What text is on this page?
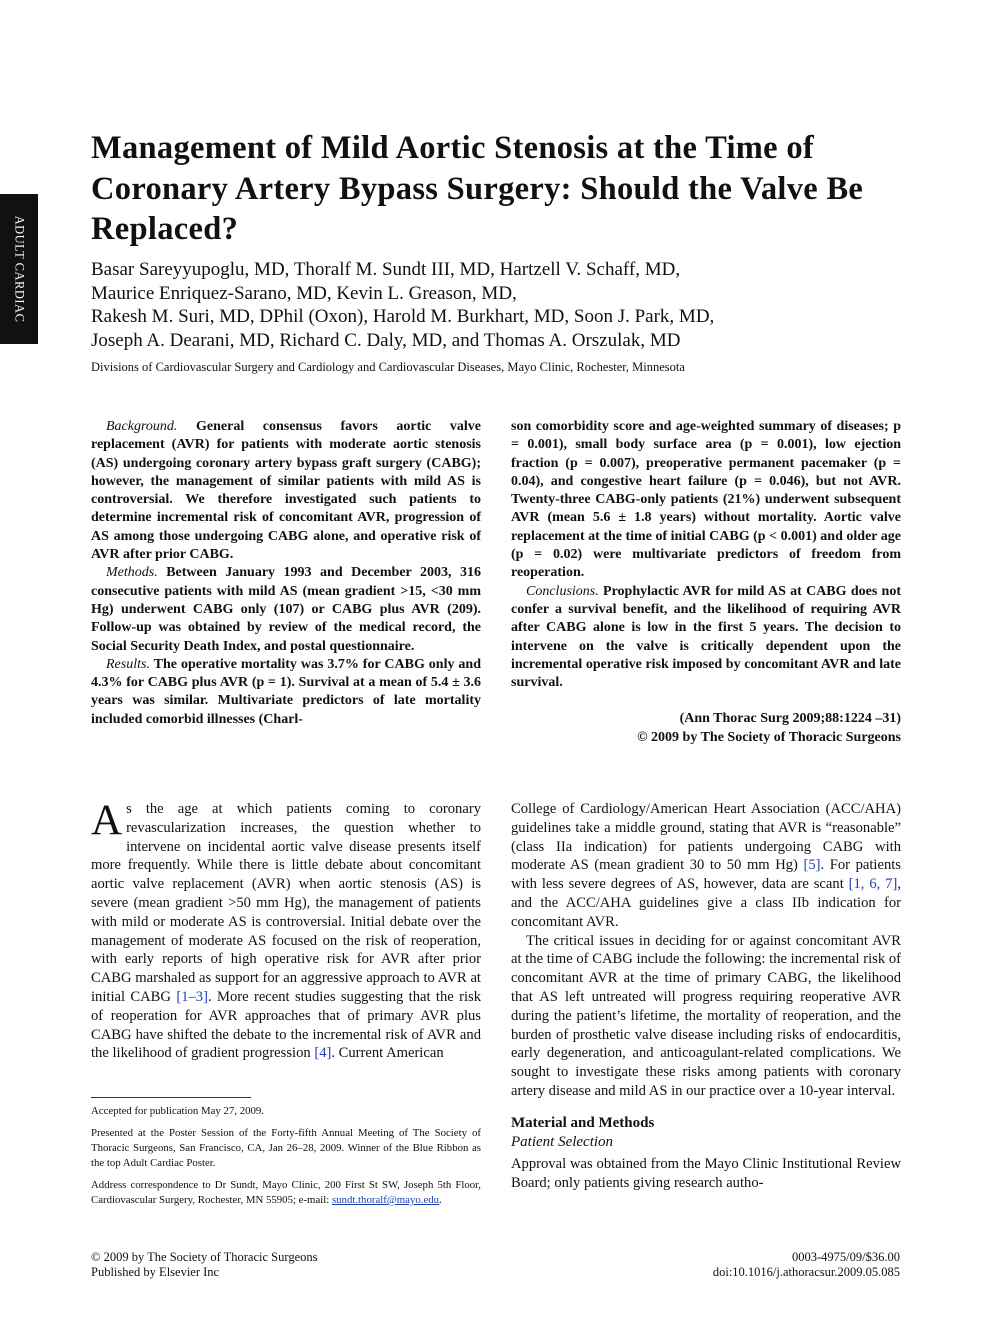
ADULT CARDIAC
Management of Mild Aortic Stenosis at the Time of Coronary Artery Bypass Surgery: Should the Valve Be Replaced?
Basar Sareyyupoglu, MD, Thoralf M. Sundt III, MD, Hartzell V. Schaff, MD,
Maurice Enriquez-Sarano, MD, Kevin L. Greason, MD,
Rakesh M. Suri, MD, DPhil (Oxon), Harold M. Burkhart, MD, Soon J. Park, MD,
Joseph A. Dearani, MD, Richard C. Daly, MD, and Thomas A. Orszulak, MD
Divisions of Cardiovascular Surgery and Cardiology and Cardiovascular Diseases, Mayo Clinic, Rochester, Minnesota

Background. General consensus favors aortic valve replacement (AVR) for patients with moderate aortic stenosis (AS) undergoing coronary artery bypass graft surgery (CABG); however, the management of similar patients with mild AS is controversial. We therefore investigated such patients to determine incremental risk of concomitant AVR, progression of AS among those undergoing CABG alone, and operative risk of AVR after prior CABG.

Methods. Between January 1993 and December 2003, 316 consecutive patients with mild AS (mean gradient >15, <30 mm Hg) underwent CABG only (107) or CABG plus AVR (209). Follow-up was obtained by review of the medical record, the Social Security Death Index, and postal questionnaire.

Results. The operative mortality was 3.7% for CABG only and 4.3% for CABG plus AVR (p = 1). Survival at a mean of 5.4 ± 3.6 years was similar. Multivariate predictors of late mortality included comorbid illnesses (Charl-

son comorbidity score and age-weighted summary of diseases; p = 0.001), small body surface area (p = 0.001), low ejection fraction (p = 0.007), preoperative permanent pacemaker (p = 0.04), and congestive heart failure (p = 0.046), but not AVR. Twenty-three CABG-only patients (21%) underwent subsequent AVR (mean 5.6 ± 1.8 years) without mortality. Aortic valve replacement at the time of initial CABG (p < 0.001) and older age (p = 0.02) were multivariate predictors of freedom from reoperation.

Conclusions. Prophylactic AVR for mild AS at CABG does not confer a survival benefit, and the likelihood of requiring AVR after CABG alone is low in the first 5 years. The decision to intervene on the valve is critically dependent upon the incremental operative risk imposed by concomitant AVR and late survival.

(Ann Thorac Surg 2009;88:1224 –31)
© 2009 by The Society of Thoracic Surgeons

As the age at which patients coming to coronary revascularization increases, the question whether to intervene on incidental aortic valve disease presents itself more frequently. While there is little debate about concomitant aortic valve replacement (AVR) when aortic stenosis (AS) is severe (mean gradient >50 mm Hg), the management of patients with mild or moderate AS is controversial. Initial debate over the management of moderate AS focused on the risk of reoperation, with early reports of high operative risk for AVR after prior CABG marshaled as support for an aggressive approach to AVR at initial CABG [1–3]. More recent studies suggesting that the risk of reoperation for AVR approaches that of primary AVR plus CABG have shifted the debate to the incremental risk of AVR and the likelihood of gradient progression [4]. Current American

College of Cardiology/American Heart Association (ACC/AHA) guidelines take a middle ground, stating that AVR is “reasonable” (class IIa indication) for patients undergoing CABG with moderate AS (mean gradient 30 to 50 mm Hg) [5]. For patients with less severe degrees of AS, however, data are scant [1, 6, 7], and the ACC/AHA guidelines give a class IIb indication for concomitant AVR.

The critical issues in deciding for or against concomitant AVR at the time of CABG include the following: the incremental risk of concomitant AVR at the time of primary CABG, the likelihood that AS left untreated will progress requiring reoperative AVR during the patient’s lifetime, the mortality of reoperation, and the burden of prosthetic valve disease including risks of endocarditis, early degeneration, and anticoagulant-related complications. We sought to investigate these risks among patients with coronary artery disease and mild AS in our practice over a 10-year interval.

Material and Methods
Patient Selection

Approval was obtained from the Mayo Clinic Institutional Review Board; only patients giving research autho-

Accepted for publication May 27, 2009.

Presented at the Poster Session of the Forty-fifth Annual Meeting of The Society of Thoracic Surgeons, San Francisco, CA, Jan 26–28, 2009. Winner of the Blue Ribbon as the top Adult Cardiac Poster.

Address correspondence to Dr Sundt, Mayo Clinic, 200 First St SW, Joseph 5th Floor, Cardiovascular Surgery, Rochester, MN 55905; e-mail: sundt.thoralf@mayo.edu.

© 2009 by The Society of Thoracic Surgeons
Published by Elsevier Inc
0003-4975/09/$36.00
doi:10.1016/j.athoracsur.2009.05.085
